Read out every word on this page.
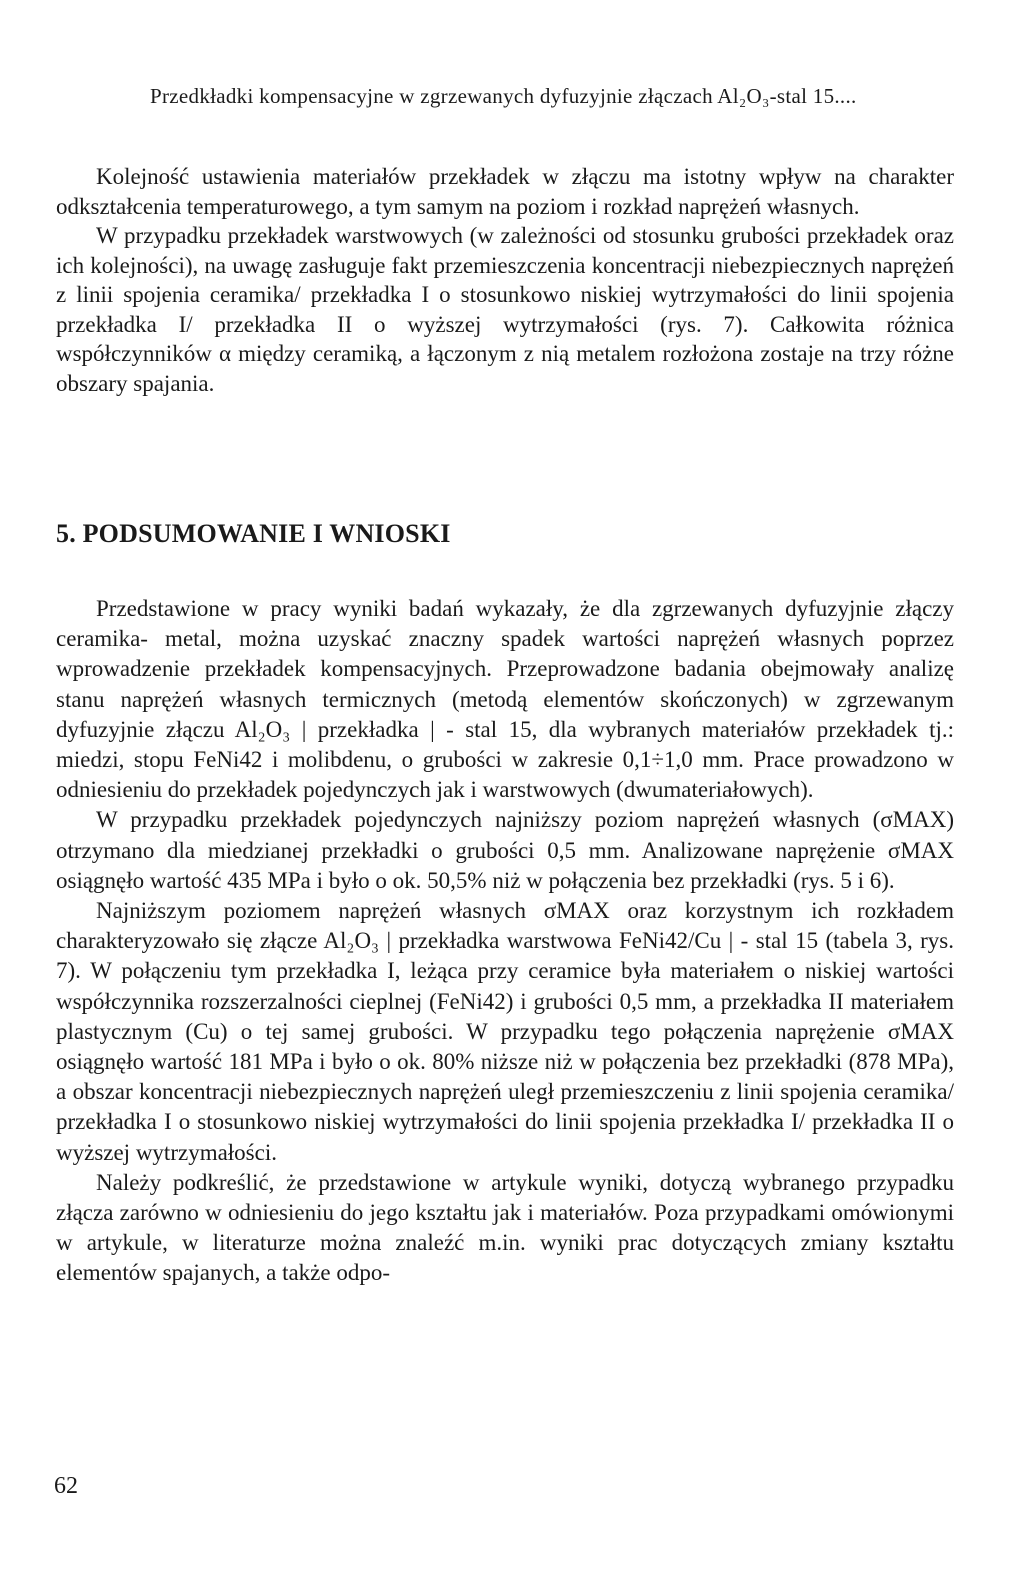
Przedkładki kompensacyjne w zgrzewanych dyfuzyjnie złączach Al₂O₃-stal 15....

Kolejność ustawienia materiałów przekładek w złączu ma istotny wpływ na charakter odkształcenia temperaturowego, a tym samym na poziom i rozkład naprężeń własnych.

W przypadku przekładek warstwowych (w zależności od stosunku grubości przekładek oraz ich kolejności), na uwagę zasługuje fakt przemieszczenia koncentracji niebezpiecznych naprężeń z linii spojenia ceramika/ przekładka I o stosunkowo niskiej wytrzymałości do linii spojenia przekładka I/ przekładka II o wyższej wytrzymałości (rys. 7). Całkowita różnica współczynników α między ceramiką, a łączonym z nią metalem rozłożona zostaje na trzy różne obszary spajania.

5. PODSUMOWANIE I WNIOSKI

Przedstawione w pracy wyniki badań wykazały, że dla zgrzewanych dyfuzyjnie złączy ceramika- metal, można uzyskać znaczny spadek wartości naprężeń własnych poprzez wprowadzenie przekładek kompensacyjnych. Przeprowadzone badania obejmowały analizę stanu naprężeń własnych termicznych (metodą elementów skończonych) w zgrzewanym dyfuzyjnie złączu Al₂O₃ | przekładka | - stal 15, dla wybranych materiałów przekładek tj.: miedzi, stopu FeNi42 i molibdenu, o grubości w zakresie 0,1÷1,0 mm. Prace prowadzono w odniesieniu do przekładek pojedynczych jak i warstwowych (dwumateriałowych).

W przypadku przekładek pojedynczych najniższy poziom naprężeń własnych (σMAX) otrzymano dla miedzianej przekładki o grubości 0,5 mm. Analizowane naprężenie σMAX osiągnęło wartość 435 MPa i było o ok. 50,5% niż w połączenia bez przekładki (rys. 5 i 6).

Najniższym poziomem naprężeń własnych σMAX oraz korzystnym ich rozkładem charakteryzowało się złącze Al₂O₃ | przekładka warstwowa FeNi42/Cu | - stal 15 (tabela 3, rys. 7). W połączeniu tym przekładka I, leżąca przy ceramice była materiałem o niskiej wartości współczynnika rozszerzalności cieplnej (FeNi42) i grubości 0,5 mm, a przekładka II materiałem plastycznym (Cu) o tej samej grubości. W przypadku tego połączenia naprężenie σMAX osiągnęło wartość 181 MPa i było o ok. 80% niższe niż w połączenia bez przekładki (878 MPa), a obszar koncentracji niebezpiecznych naprężeń uległ przemieszczeniu z linii spojenia ceramika/ przekładka I o stosunkowo niskiej wytrzymałości do linii spojenia przekładka I/ przekładka II o wyższej wytrzymałości.

Należy podkreślić, że przedstawione w artykule wyniki, dotyczą wybranego przypadku złącza zarówno w odniesieniu do jego kształtu jak i materiałów. Poza przypadkami omówionymi w artykule, w literaturze można znaleźć m.in. wyniki prac dotyczących zmiany kształtu elementów spajanych, a także odpo-

62
